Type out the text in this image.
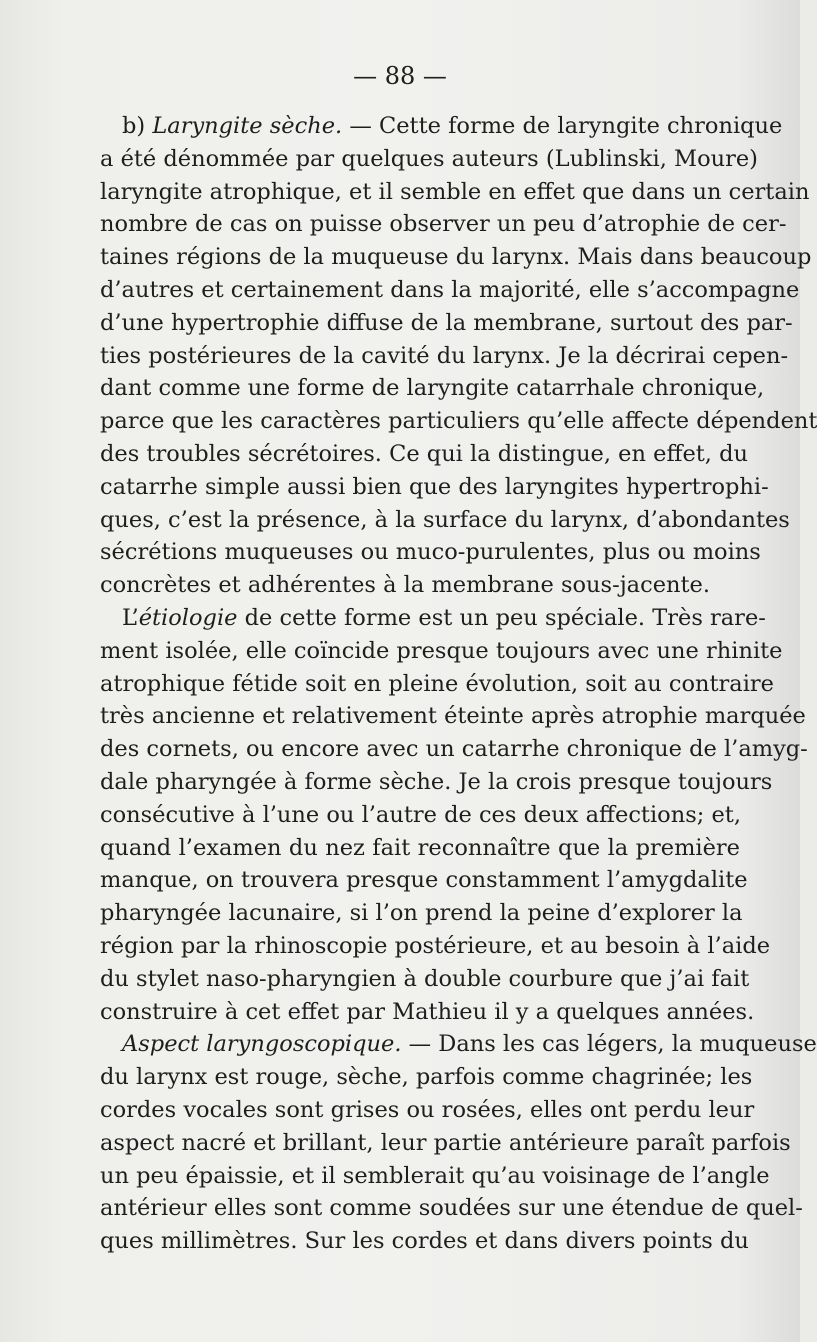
— 88 —
b) Laryngite sèche. — Cette forme de laryngite chronique
a été dénommée par quelques auteurs (Lublinski, Moure)
laryngite atrophique, et il semble en effet que dans un certain
nombre de cas on puisse observer un peu d’atrophie de cer-
taines régions de la muqueuse du larynx. Mais dans beaucoup
d’autres et certainement dans la majorité, elle s’accompagne
d’une hypertrophie diffuse de la membrane, surtout des par-
ties postérieures de la cavité du larynx. Je la décrirai cepen-
dant comme une forme de laryngite catarrhale chronique,
parce que les caractères particuliers qu’elle affecte dépendent
des troubles sécrétoires. Ce qui la distingue, en effet, du
catarrhe simple aussi bien que des laryngites hypertrophi-
ques, c’est la présence, à la surface du larynx, d’abondantes
sécrétions muqueuses ou muco-purulentes, plus ou moins
concrètes et adhérentes à la membrane sous-jacente.
L’étiologie de cette forme est un peu spéciale. Très rare-
ment isolée, elle coïncide presque toujours avec une rhinite
atrophique fétide soit en pleine évolution, soit au contraire
très ancienne et relativement éteinte après atrophie marquée
des cornets, ou encore avec un catarrhe chronique de l’amyg-
dale pharyngée à forme sèche. Je la crois presque toujours
consécutive à l’une ou l’autre de ces deux affections; et,
quand l’examen du nez fait reconnaître que la première
manque, on trouvera presque constamment l’amygdalite
pharyngée lacunaire, si l’on prend la peine d’explorer la
région par la rhinoscopie postérieure, et au besoin à l’aide
du stylet naso-pharyngien à double courbure que j’ai fait
construire à cet effet par Mathieu il y a quelques années.
Aspect laryngoscopique. — Dans les cas légers, la muqueuse
du larynx est rouge, sèche, parfois comme chagrinée; les
cordes vocales sont grises ou rosées, elles ont perdu leur
aspect nacré et brillant, leur partie antérieure paraît parfois
un peu épaissie, et il semblerait qu’au voisinage de l’angle
antérieur elles sont comme soudées sur une étendue de quel-
ques millimètres. Sur les cordes et dans divers points du
